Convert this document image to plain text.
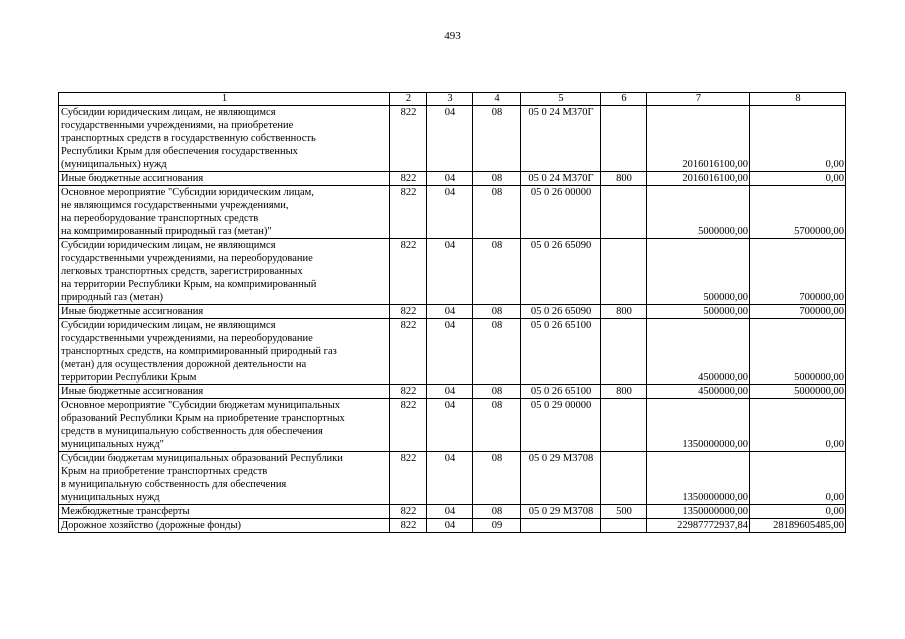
493
1	2	3	4	5	6	7	8

Субсидии юридическим лицам, не являющимся
государственными учреждениями, на приобретение
транспортных средств в государственную собственность
Республики Крым для обеспечения государственных
(муниципальных) нужд	822	04	08	05 0 24 М370Г		2016016100,00	0,00

Иные бюджетные ассигнования	822	04	08	05 0 24 М370Г	800	2016016100,00	0,00

Основное мероприятие "Субсидии юридическим лицам,
не являющимся государственными учреждениями,
на переоборудование транспортных средств
на компримированный природный газ (метан)"	822	04	08	05 0 26 00000		5000000,00	5700000,00

Субсидии юридическим лицам, не являющимся
государственными учреждениями, на переоборудование
легковых транспортных средств, зарегистрированных
на территории Республики Крым, на компримированный
природный газ (метан)	822	04	08	05 0 26 65090		500000,00	700000,00

Иные бюджетные ассигнования	822	04	08	05 0 26 65090	800	500000,00	700000,00

Субсидии юридическим лицам, не являющимся
государственными учреждениями, на переоборудование
транспортных средств, на компримированный природный газ
(метан) для осуществления дорожной деятельности на
территории Республики Крым	822	04	08	05 0 26 65100		4500000,00	5000000,00

Иные бюджетные ассигнования	822	04	08	05 0 26 65100	800	4500000,00	5000000,00

Основное мероприятие "Субсидии бюджетам муниципальных
образований Республики Крым на приобретение транспортных
средств в муниципальную собственность для обеспечения
муниципальных нужд"	822	04	08	05 0 29 00000		1350000000,00	0,00

Субсидии бюджетам муниципальных образований Республики
Крым на приобретение транспортных средств
в муниципальную собственность для обеспечения
муниципальных нужд	822	04	08	05 0 29 М3708		1350000000,00	0,00

Межбюджетные трансферты	822	04	08	05 0 29 М3708	500	1350000000,00	0,00

Дорожное хозяйство (дорожные фонды)	822	04	09			22987772937,84	28189605485,00
